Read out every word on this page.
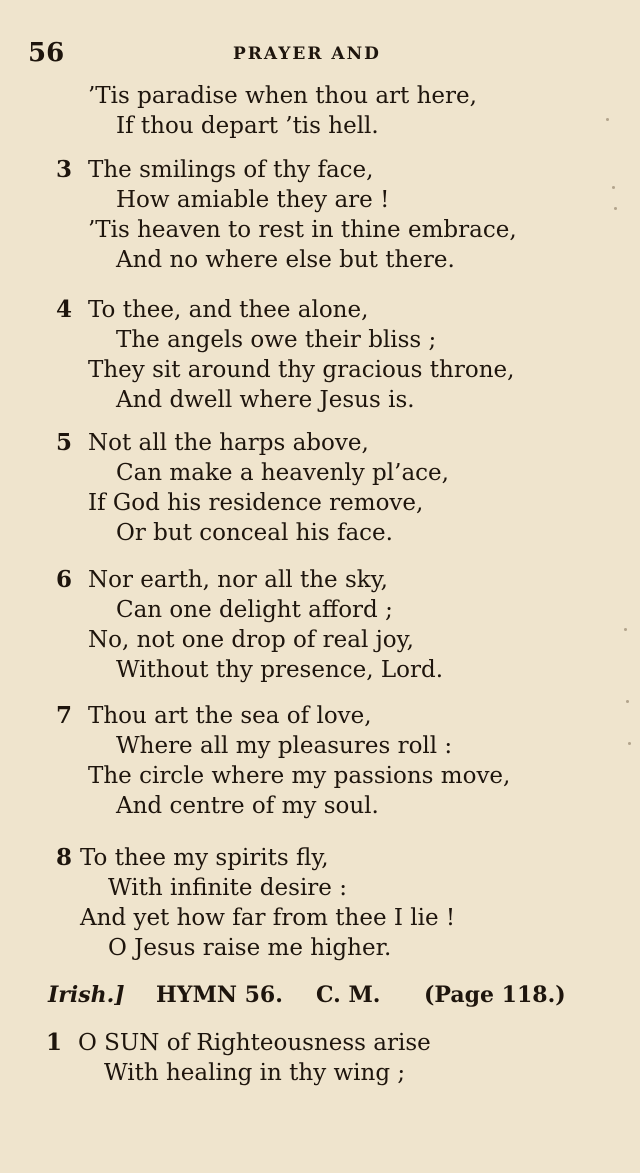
56	PRAYER AND
’Tis paradise when thou art here,
If thou depart ’tis hell.
3 The smilings of thy face,
How amiable they are !
’Tis heaven to rest in thine embrace,
And no where else but there.
4 To thee, and thee alone,
The angels owe their bliss ;
They sit around thy gracious throne,
And dwell where Jesus is.
5 Not all the harps above,
Can make a heavenly pl’ace,
If God his residence remove,
Or but conceal his face.
6 Nor earth, nor all the sky,
Can one delight afford ;
No, not one drop of real joy,
Without thy presence, Lord.
7 Thou art the sea of love,
Where all my pleasures roll :
The circle where my passions move,
And centre of my soul.
8 To thee my spirits fly,
With infinite desire :
And yet how far from thee I lie !
O Jesus raise me higher.
Irish.] HYMN 56. C. M. (Page 118.)
1 O SUN of Righteousness arise
With healing in thy wing ;
